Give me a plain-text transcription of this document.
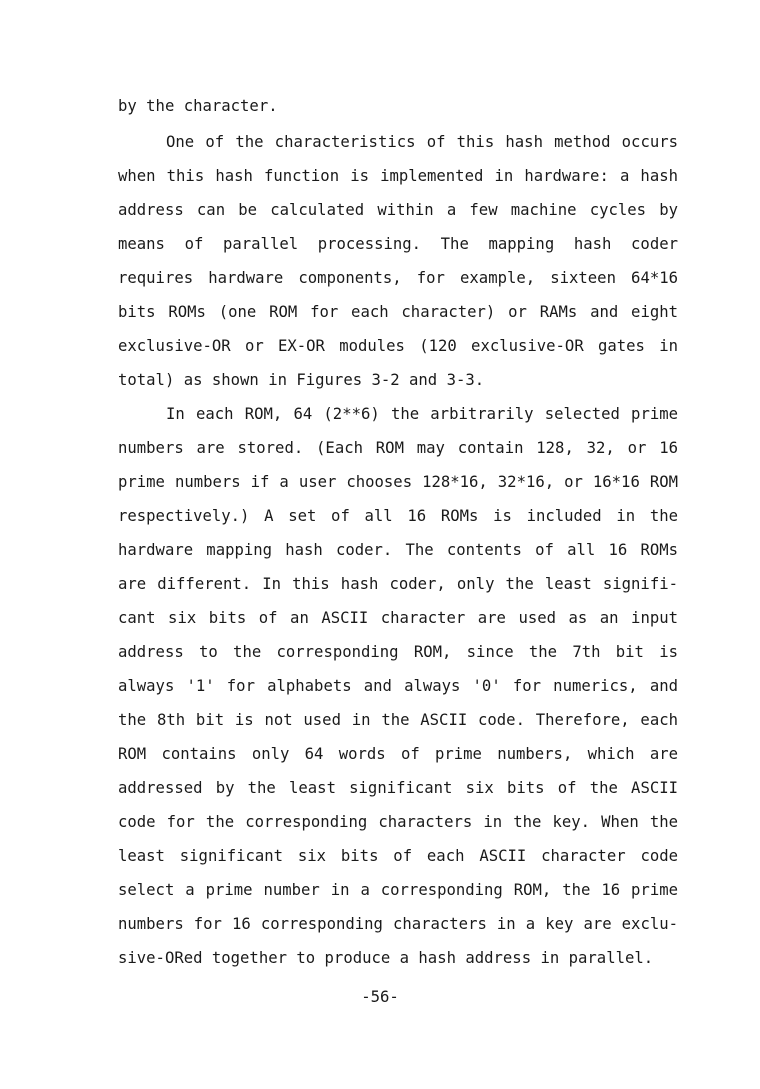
by the character.
One of the characteristics of this hash method occurs
when this hash function is implemented in hardware: a hash
address can be calculated within a few machine cycles by
means of parallel processing. The mapping hash coder
requires hardware components, for example, sixteen 64*16
bits ROMs (one ROM for each character) or RAMs and eight
exclusive-OR or EX-OR modules (120 exclusive-OR gates in
total) as shown in Figures 3-2 and 3-3.
In each ROM, 64 (2**6) the arbitrarily selected prime
numbers are stored. (Each ROM may contain 128, 32, or 16
prime numbers if a user chooses 128*16, 32*16, or 16*16 ROM
respectively.) A set of all 16 ROMs is included in the
hardware mapping hash coder. The contents of all 16 ROMs
are different. In this hash coder, only the least signifi-
cant six bits of an ASCII character are used as an input
address to the corresponding ROM, since the 7th bit is
always '1' for alphabets and always '0' for numerics, and
the 8th bit is not used in the ASCII code. Therefore, each
ROM contains only 64 words of prime numbers, which are
addressed by the least significant six bits of the ASCII
code for the corresponding characters in the key. When the
least significant six bits of each ASCII character code
select a prime number in a corresponding ROM, the 16 prime
numbers for 16 corresponding characters in a key are exclu-
sive-ORed together to produce a hash address in parallel.
-56-
